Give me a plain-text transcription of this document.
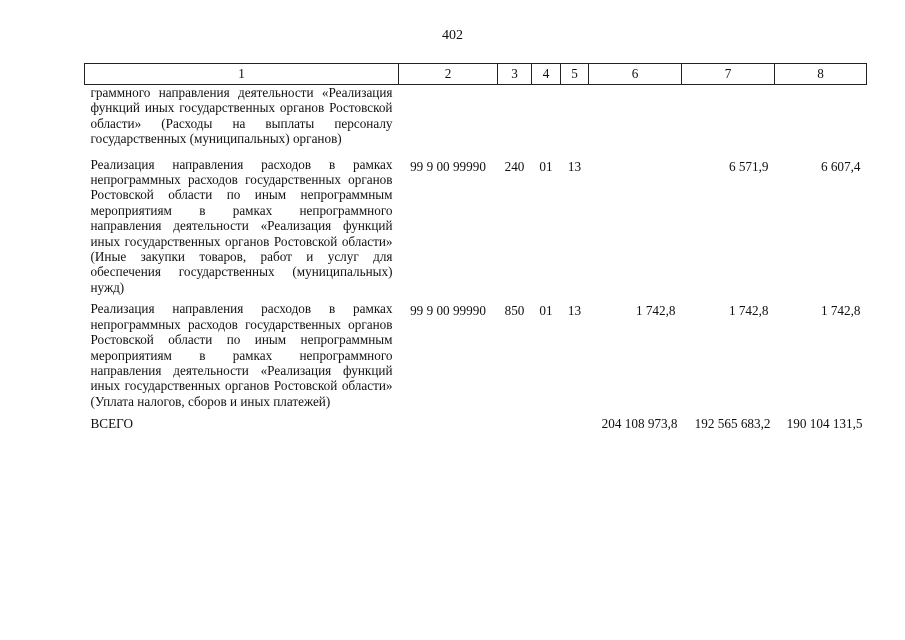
402
1	2	3	4	5	6	7	8
граммного направления деятельности «Реализация функций иных государственных органов Ростовской области» (Расходы на выплаты персоналу государственных (муниципальных) органов)							
Реализация направления расходов в рамках непрограммных расходов государственных органов Ростовской области по иным непрограммным мероприятиям в рамках непрограммного направления деятельности «Реализация функций иных государственных органов Ростовской области» (Иные закупки товаров, работ и услуг для обеспечения государственных (муниципальных) нужд)	99 9 00 99990	240	01	13		6 571,9	6 607,4
Реализация направления расходов в рамках непрограммных расходов государственных органов Ростовской области по иным непрограммным мероприятиям в рамках непрограммного направления деятельности «Реализация функций иных государственных органов Ростовской области» (Уплата налогов, сборов и иных платежей)	99 9 00 99990	850	01	13	1 742,8	1 742,8	1 742,8
ВСЕГО					204 108 973,8	192 565 683,2	190 104 131,5
